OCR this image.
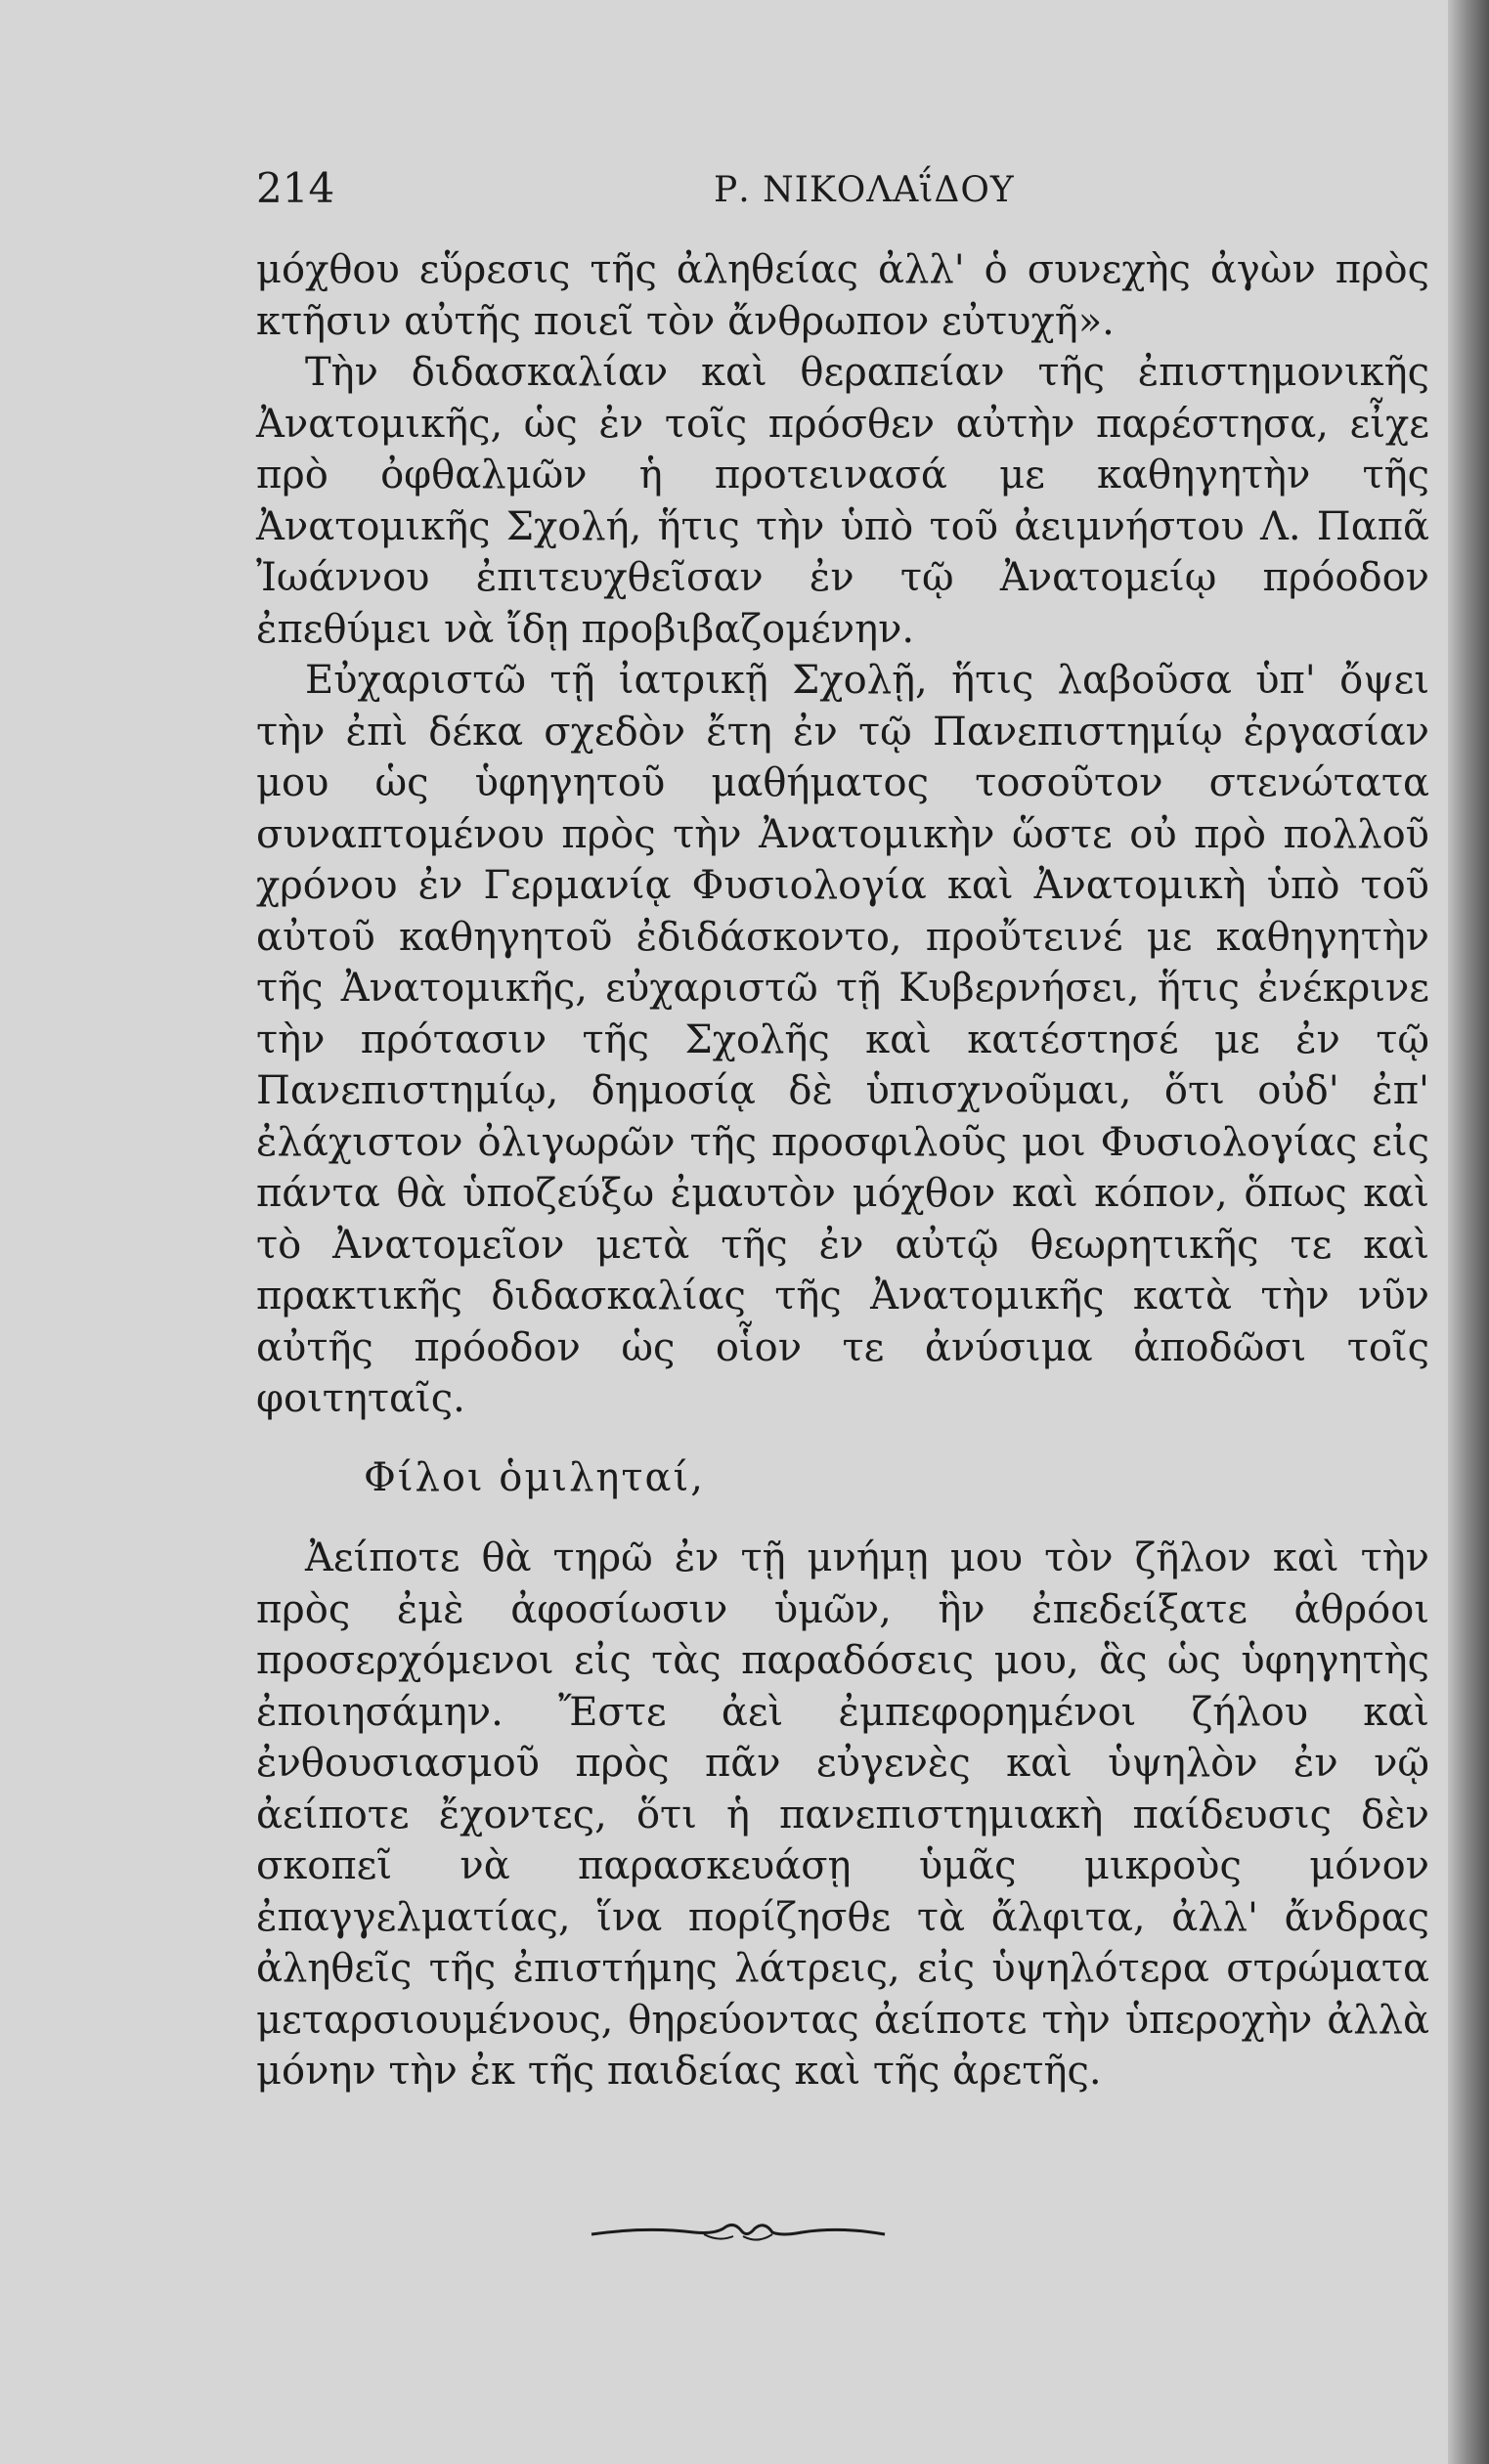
214	Ρ. ΝΙΚΟΛΑΐΔΟΥ

μόχθου εὕρεσις τῆς ἀληθείας ἀλλ' ὁ συνεχὴς ἀγὼν πρὸς κτῆσιν αὐτῆς ποιεῖ τὸν ἄνθρωπον εὐτυχῆ».

Τὴν διδασκαλίαν καὶ θεραπείαν τῆς ἐπιστημονικῆς Ἀνατομικῆς, ὡς ἐν τοῖς πρόσθεν αὐτὴν παρέστησα, εἶχε πρὸ ὀφθαλμῶν ἡ προτεινασά με καθηγητὴν τῆς Ἀνατομικῆς Σχολή, ἥτις τὴν ὑπὸ τοῦ ἀειμνήστου Λ. Παπᾶ Ἰωάννου ἐπιτευχθεῖσαν ἐν τῷ Ἀνατομείῳ πρόοδον ἐπεθύμει νὰ ἴδῃ προβιβαζομένην.

Εὐχαριστῶ τῇ ἰατρικῇ Σχολῇ, ἥτις λαβοῦσα ὑπ' ὄψει τὴν ἐπὶ δέκα σχεδὸν ἔτη ἐν τῷ Πανεπιστημίῳ ἐργασίαν μου ὡς ὑφηγητοῦ μαθήματος τοσοῦτον στενώτατα συναπτομένου πρὸς τὴν Ἀνατομικὴν ὥστε οὐ πρὸ πολλοῦ χρόνου ἐν Γερμανίᾳ Φυσιολογία καὶ Ἀνατομικὴ ὑπὸ τοῦ αὐτοῦ καθηγητοῦ ἐδιδάσκοντο, προὔτεινέ με καθηγητὴν τῆς Ἀνατομικῆς, εὐχαριστῶ τῇ Κυβερνήσει, ἥτις ἐνέκρινε τὴν πρότασιν τῆς Σχολῆς καὶ κατέστησέ με ἐν τῷ Πανεπιστημίῳ, δημοσίᾳ δὲ ὑπισχνοῦμαι, ὅτι οὐδ' ἐπ' ἐλάχιστον ὀλιγωρῶν τῆς προσφιλοῦς μοι Φυσιολογίας εἰς πάντα θὰ ὑποζεύξω ἐμαυτὸν μόχθον καὶ κόπον, ὅπως καὶ τὸ Ἀνατομεῖον μετὰ τῆς ἐν αὐτῷ θεωρητικῆς τε καὶ πρακτικῆς διδασκαλίας τῆς Ἀνατομικῆς κατὰ τὴν νῦν αὐτῆς πρόοδον ὡς οἷον τε ἀνύσιμα ἀποδῶσι τοῖς φοιτηταῖς.

Φίλοι ὁμιληταί,

Ἀείποτε θὰ τηρῶ ἐν τῇ μνήμῃ μου τὸν ζῆλον καὶ τὴν πρὸς ἐμὲ ἀφοσίωσιν ὑμῶν, ἣν ἐπεδείξατε ἀθρόοι προσερχόμενοι εἰς τὰς παραδόσεις μου, ἃς ὡς ὑφηγητὴς ἐποιησάμην. Ἔστε ἀεὶ ἐμπεφορημένοι ζήλου καὶ ἐνθουσιασμοῦ πρὸς πᾶν εὐγενὲς καὶ ὑψηλὸν ἐν νῷ ἀείποτε ἔχοντες, ὅτι ἡ πανεπιστημιακὴ παίδευσις δὲν σκοπεῖ νὰ παρασκευάσῃ ὑμᾶς μικροὺς μόνον ἐπαγγελματίας, ἵνα πορίζησθε τὰ ἄλφιτα, ἀλλ' ἄνδρας ἀληθεῖς τῆς ἐπιστήμης λάτρεις, εἰς ὑψηλότερα στρώματα μεταρσιουμένους, θηρεύοντας ἀείποτε τὴν ὑπεροχὴν ἀλλὰ μόνην τὴν ἐκ τῆς παιδείας καὶ τῆς ἀρετῆς.
